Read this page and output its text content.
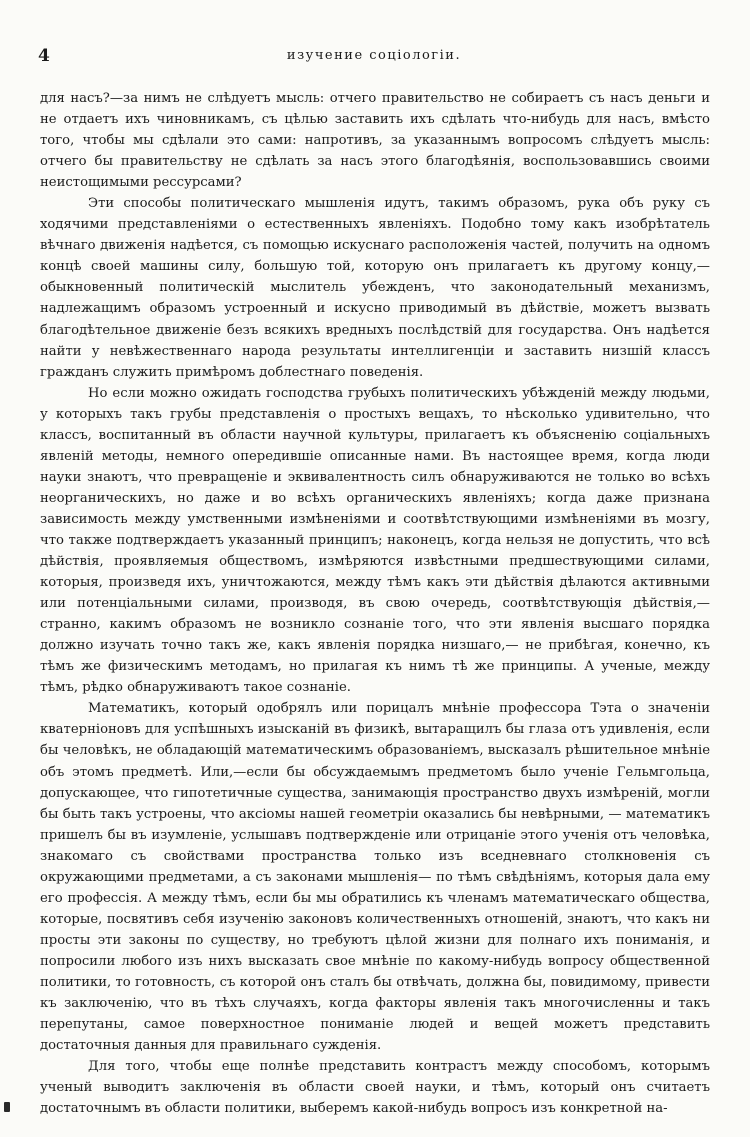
4	изучение соціологіи.

для насъ?—за нимъ не слѣдуетъ мысль: отчего правительство не собираетъ съ насъ деньги и не отдаетъ ихъ чиновникамъ, съ цѣлью заставить ихъ сдѣлать что-нибудь для насъ, вмѣсто того, чтобы мы сдѣлали это сами: напротивъ, за указаннымъ вопросомъ слѣдуетъ мысль: отчего бы правительству не сдѣлать за насъ этого благодѣянія, воспользовавшись своими неистощимыми рессурсами?

Эти способы политическаго мышленія идутъ, такимъ образомъ, рука объ руку съ ходячими представленіями о естественныхъ явленіяхъ. Подобно тому какъ изобрѣтатель вѣчнаго движенія надѣется, съ помощью искуснаго расположенія частей, получить на одномъ концѣ своей машины силу, большую той, которую онъ прилагаетъ къ другому концу,—обыкновенный политическій мыслитель убежденъ, что законодательный механизмъ, надлежащимъ образомъ устроенный и искусно приводимый въ дѣйствіе, можетъ вызвать благодѣтельное движеніе безъ всякихъ вредныхъ послѣдствій для государства. Онъ надѣется найти у невѣжественнаго народа результаты интеллигенціи и заставить низшій классъ гражданъ служить примѣромъ доблестнаго поведенія.

Но если можно ожидать господства грубыхъ политическихъ убѣжденій между людьми, у которыхъ такъ грубы представленія о простыхъ вещахъ, то нѣсколько удивительно, что классъ, воспитанный въ области научной культуры, прилагаетъ къ объясненію соціальныхъ явленій методы, немного опередившіе описанные нами. Въ настоящее время, когда люди науки знаютъ, что превращеніе и эквивалентность силъ обнаруживаются не только во всѣхъ неорганическихъ, но даже и во всѣхъ органическихъ явленіяхъ; когда даже признана зависимость между умственными измѣненіями и соотвѣтствующими измѣненіями въ мозгу, что также подтверждаетъ указанный принципъ; наконецъ, когда нельзя не допустить, что всѣ дѣйствія, проявляемыя обществомъ, измѣряются извѣстными предшествующими силами, которыя, произведя ихъ, уничтожаются, между тѣмъ какъ эти дѣйствія дѣлаются активными или потенціальными силами, производя, въ свою очередь, соотвѣтствующія дѣйствія,—странно, какимъ образомъ не возникло сознаніе того, что эти явленія высшаго порядка должно изучать точно такъ же, какъ явленія порядка низшаго,— не прибѣгая, конечно, къ тѣмъ же физическимъ методамъ, но прилагая къ нимъ тѣ же принципы. А ученые, между тѣмъ, рѣдко обнаруживаютъ такое сознаніе.

Математикъ, который одобрялъ или порицалъ мнѣніе профессора Тэта о значеніи кватерніоновъ для успѣшныхъ изысканій въ физикѣ, вытаращилъ бы глаза отъ удивленія, если бы человѣкъ, не обладающій математическимъ образованіемъ, высказалъ рѣшительное мнѣніе объ этомъ предметѣ. Или,—если бы обсуждаемымъ предметомъ было ученіе Гельмгольца, допускающее, что гипотетичные существа, занимающія пространство двухъ измѣреній, могли бы быть такъ устроены, что аксіомы нашей геометріи оказались бы невѣрными, — математикъ пришелъ бы въ изумленіе, услышавъ подтвержденіе или отрицаніе этого ученія отъ человѣка, знакомаго съ свойствами пространства только изъ вседневнаго столкновенія съ окружающими предметами, а съ законами мышленія— по тѣмъ свѣдѣніямъ, которыя дала ему его профессія. А между тѣмъ, если бы мы обратились къ членамъ математическаго общества, которые, посвятивъ себя изученію законовъ количественныхъ отношеній, знаютъ, что какъ ни просты эти законы по существу, но требуютъ цѣлой жизни для полнаго ихъ пониманія, и попросили любого изъ нихъ высказать свое мнѣніе по какому-нибудь вопросу общественной политики, то готовность, съ которой онъ сталъ бы отвѣчать, должна бы, повидимому, привести къ заключенію, что въ тѣхъ случаяхъ, когда факторы явленія такъ многочисленны и такъ перепутаны, самое поверхностное пониманіе людей и вещей можетъ представить достаточныя данныя для правильнаго сужденія.

Для того, чтобы еще полнѣе представить контрастъ между способомъ, которымъ ученый выводитъ заключенія въ области своей науки, и тѣмъ, который онъ считаетъ достаточнымъ въ области политики, выберемъ какой-нибудь вопросъ изъ конкретной на-
